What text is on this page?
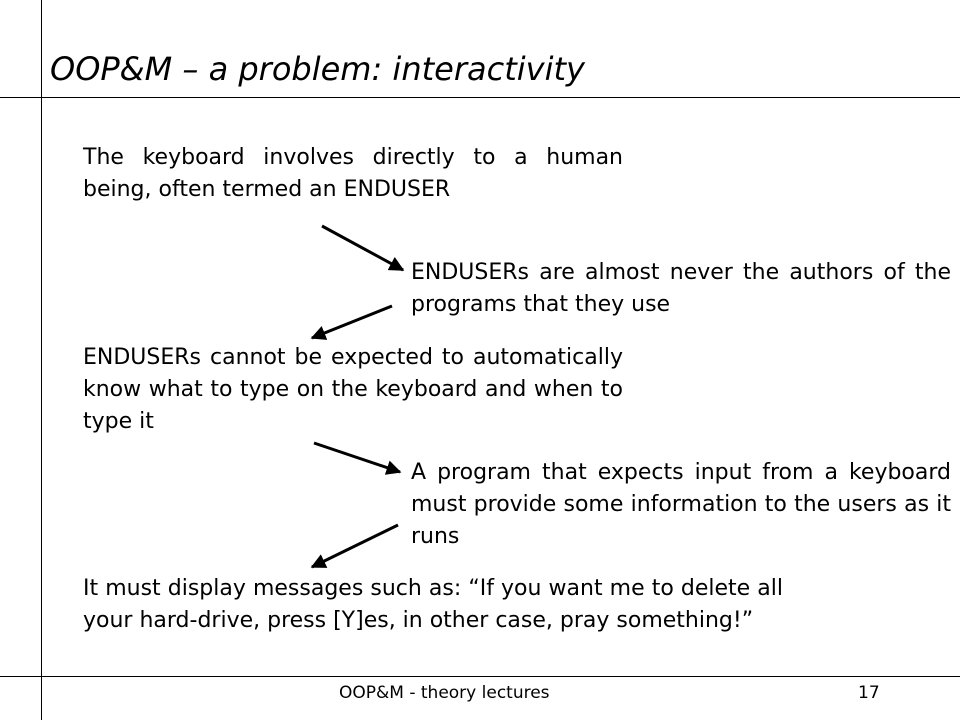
OOP&M – a problem: interactivity
The keyboard involves directly to a human being, often termed an ENDUSER
ENDUSERs are almost never the authors of the programs that they use
ENDUSERs cannot be expected to automatically know what to type on the keyboard and when to type it
A program that expects input from a keyboard must provide some information to the users as it runs
It must display messages such as: “If you want me to delete all your hard-drive, press [Y]es, in other case, pray something!”
OOP&M - theory lectures	17
